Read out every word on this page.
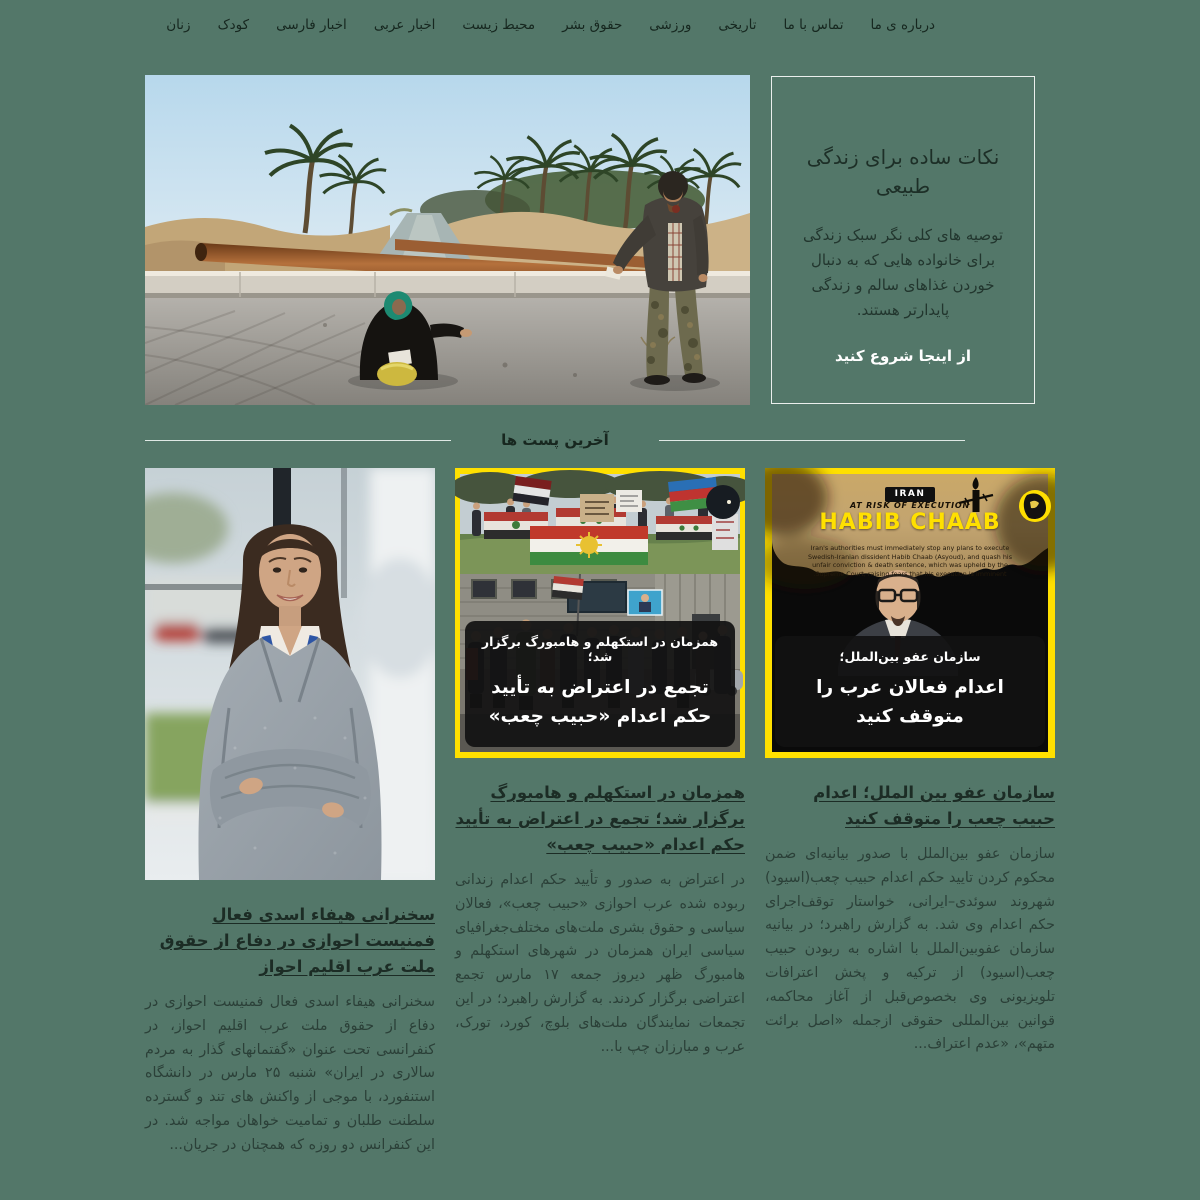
درباره ی ما
تماس با ما
تاریخی
ورزشی
حقوق بشر
محیط زیست
اخبار عربی
اخبار فارسی
کودک
زنان
نکات ساده برای زندگی طبیعی

توصیه های کلی نگر سبک زندگی برای خانواده هایی که به دنبال خوردن غذاهای سالم و زندگی پایدارتر هستند.

از اینجا شروع کنید
آخرین پست ها
IRAN
AT RISK OF EXECUTION
HABIB CHAAB
Iran's authorities must immediately stop any plans to execute Swedish-Iranian dissident Habib Chaab (Asyoud), and quash his unfair conviction & death sentence, which was upheld by the Supreme Court, raising fears that his execution is imminent.
سازمان عفو بین‌الملل؛
اعدام فعالان عرب را متوقف کنید
سازمان عفو بین الملل؛ اعدام حبیب چعب را متوقف کنید

سازمان عفو بین‌الملل با صدور بیانیه‌ای ضمن محکوم کردن تایید حکم اعدام حبیب چعب(اسیود) شهروند سوئدی–ایرانی، خواستار توقف‌اجرای حکم اعدام وی شد. به گزارش راهبرد؛ در بیانیه سازمان عفوبین‌الملل با اشاره به ربودن حبیب چعب(اسیود) از ترکیه و پخش اعترافات تلویزیونی وی بخصوص‌قبل از آغاز محاکمه، قوانین بین‌المللی حقوقی ازجمله «اصل برائت متهم»، «عدم اعتراف...

همزمان در استکهلم و هامبورگ برگزار شد؛
تجمع در اعتراض به تأیید حکم اعدام «حبیب چعب»
همزمان در استکهلم و هامبورگ برگزار شد؛ تجمع در اعتراض به تأیید حکم اعدام «حبیب چعب»

در اعتراض به صدور و تأیید حکم اعدام زندانی ربوده شده عرب احوازی «حبیب چعب»، فعالان سیاسی و حقوق بشری ملت‌های مختلف‌جغرافیای سیاسی ایران همزمان در شهرهای استکهلم و هامبورگ ظهر دیروز جمعه ۱۷ مارس تجمع اعتراضی برگزار کردند. به گزارش راهبرد؛ در این تجمعات نمایندگان ملت‌های بلوچ، کورد، تورک، عرب و مبارزان چپ با...

سخنرانی هیفاء اسدی فعال فمنیست احوازی در دفاع از حقوق ملت عرب اقلیم احواز

سخنرانی هیفاء اسدی فعال فمنیست احوازی در دفاع از حقوق ملت عرب اقلیم احواز، در کنفرانسی تحت عنوان «گفتمانهای گذار به مردم سالاری در ایران» شنبه ۲۵ مارس در دانشگاه استنفورد، با موجی از واکنش های تند و گسترده سلطنت طلبان و تمامیت خواهان مواجه شد. در این کنفرانس دو روزه که همچنان در جریان...
